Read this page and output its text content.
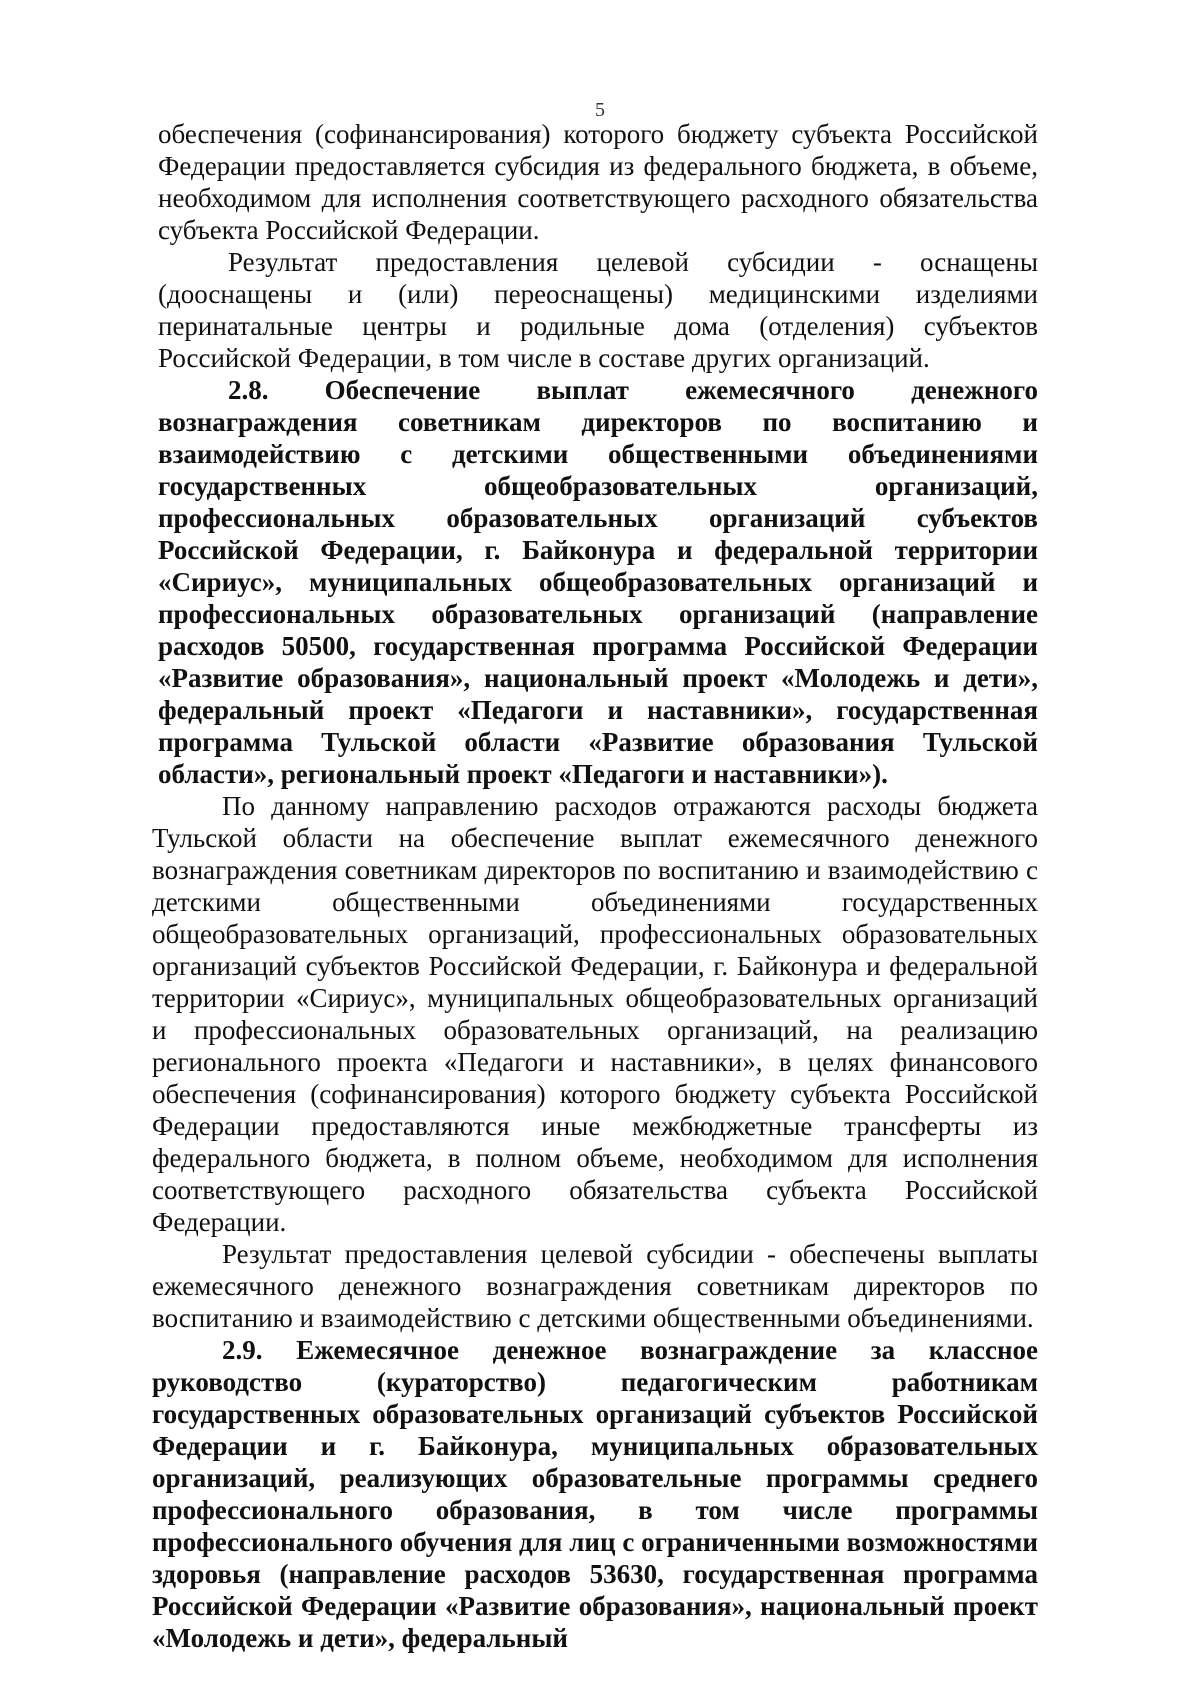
5

обеспечения (софинансирования) которого бюджету субъекта Российской Федерации предоставляется субсидия из федерального бюджета, в объеме, необходимом для исполнения соответствующего расходного обязательства субъекта Российской Федерации.

Результат предоставления целевой субсидии - оснащены (дооснащены и (или) переоснащены) медицинскими изделиями перинатальные центры и родильные дома (отделения) субъектов Российской Федерации, в том числе в составе других организаций.

2.8. Обеспечение выплат ежемесячного денежного вознаграждения советникам директоров по воспитанию и взаимодействию с детскими общественными объединениями государственных общеобразовательных организаций, профессиональных образовательных организаций субъектов Российской Федерации, г. Байконура и федеральной территории «Сириус», муниципальных общеобразовательных организаций и профессиональных образовательных организаций (направление расходов 50500, государственная программа Российской Федерации «Развитие образования», национальный проект «Молодежь и дети», федеральный проект «Педагоги и наставники», государственная программа Тульской области «Развитие образования Тульской области», региональный проект «Педагоги и наставники»).

По данному направлению расходов отражаются расходы бюджета Тульской области на обеспечение выплат ежемесячного денежного вознаграждения советникам директоров по воспитанию и взаимодействию с детскими общественными объединениями государственных общеобразовательных организаций, профессиональных образовательных организаций субъектов Российской Федерации, г. Байконура и федеральной территории «Сириус», муниципальных общеобразовательных организаций и профессиональных образовательных организаций, на реализацию регионального проекта «Педагоги и наставники», в целях финансового обеспечения (софинансирования) которого бюджету субъекта Российской Федерации предоставляются иные межбюджетные трансферты из федерального бюджета, в полном объеме, необходимом для исполнения соответствующего расходного обязательства субъекта Российской Федерации.

Результат предоставления целевой субсидии - обеспечены выплаты ежемесячного денежного вознаграждения советникам директоров по воспитанию и взаимодействию с детскими общественными объединениями.

2.9. Ежемесячное денежное вознаграждение за классное руководство (кураторство) педагогическим работникам государственных образовательных организаций субъектов Российской Федерации и г. Байконура, муниципальных образовательных организаций, реализующих образовательные программы среднего профессионального образования, в том числе программы профессионального обучения для лиц с ограниченными возможностями здоровья (направление расходов 53630, государственная программа Российской Федерации «Развитие образования», национальный проект «Молодежь и дети», федеральный
